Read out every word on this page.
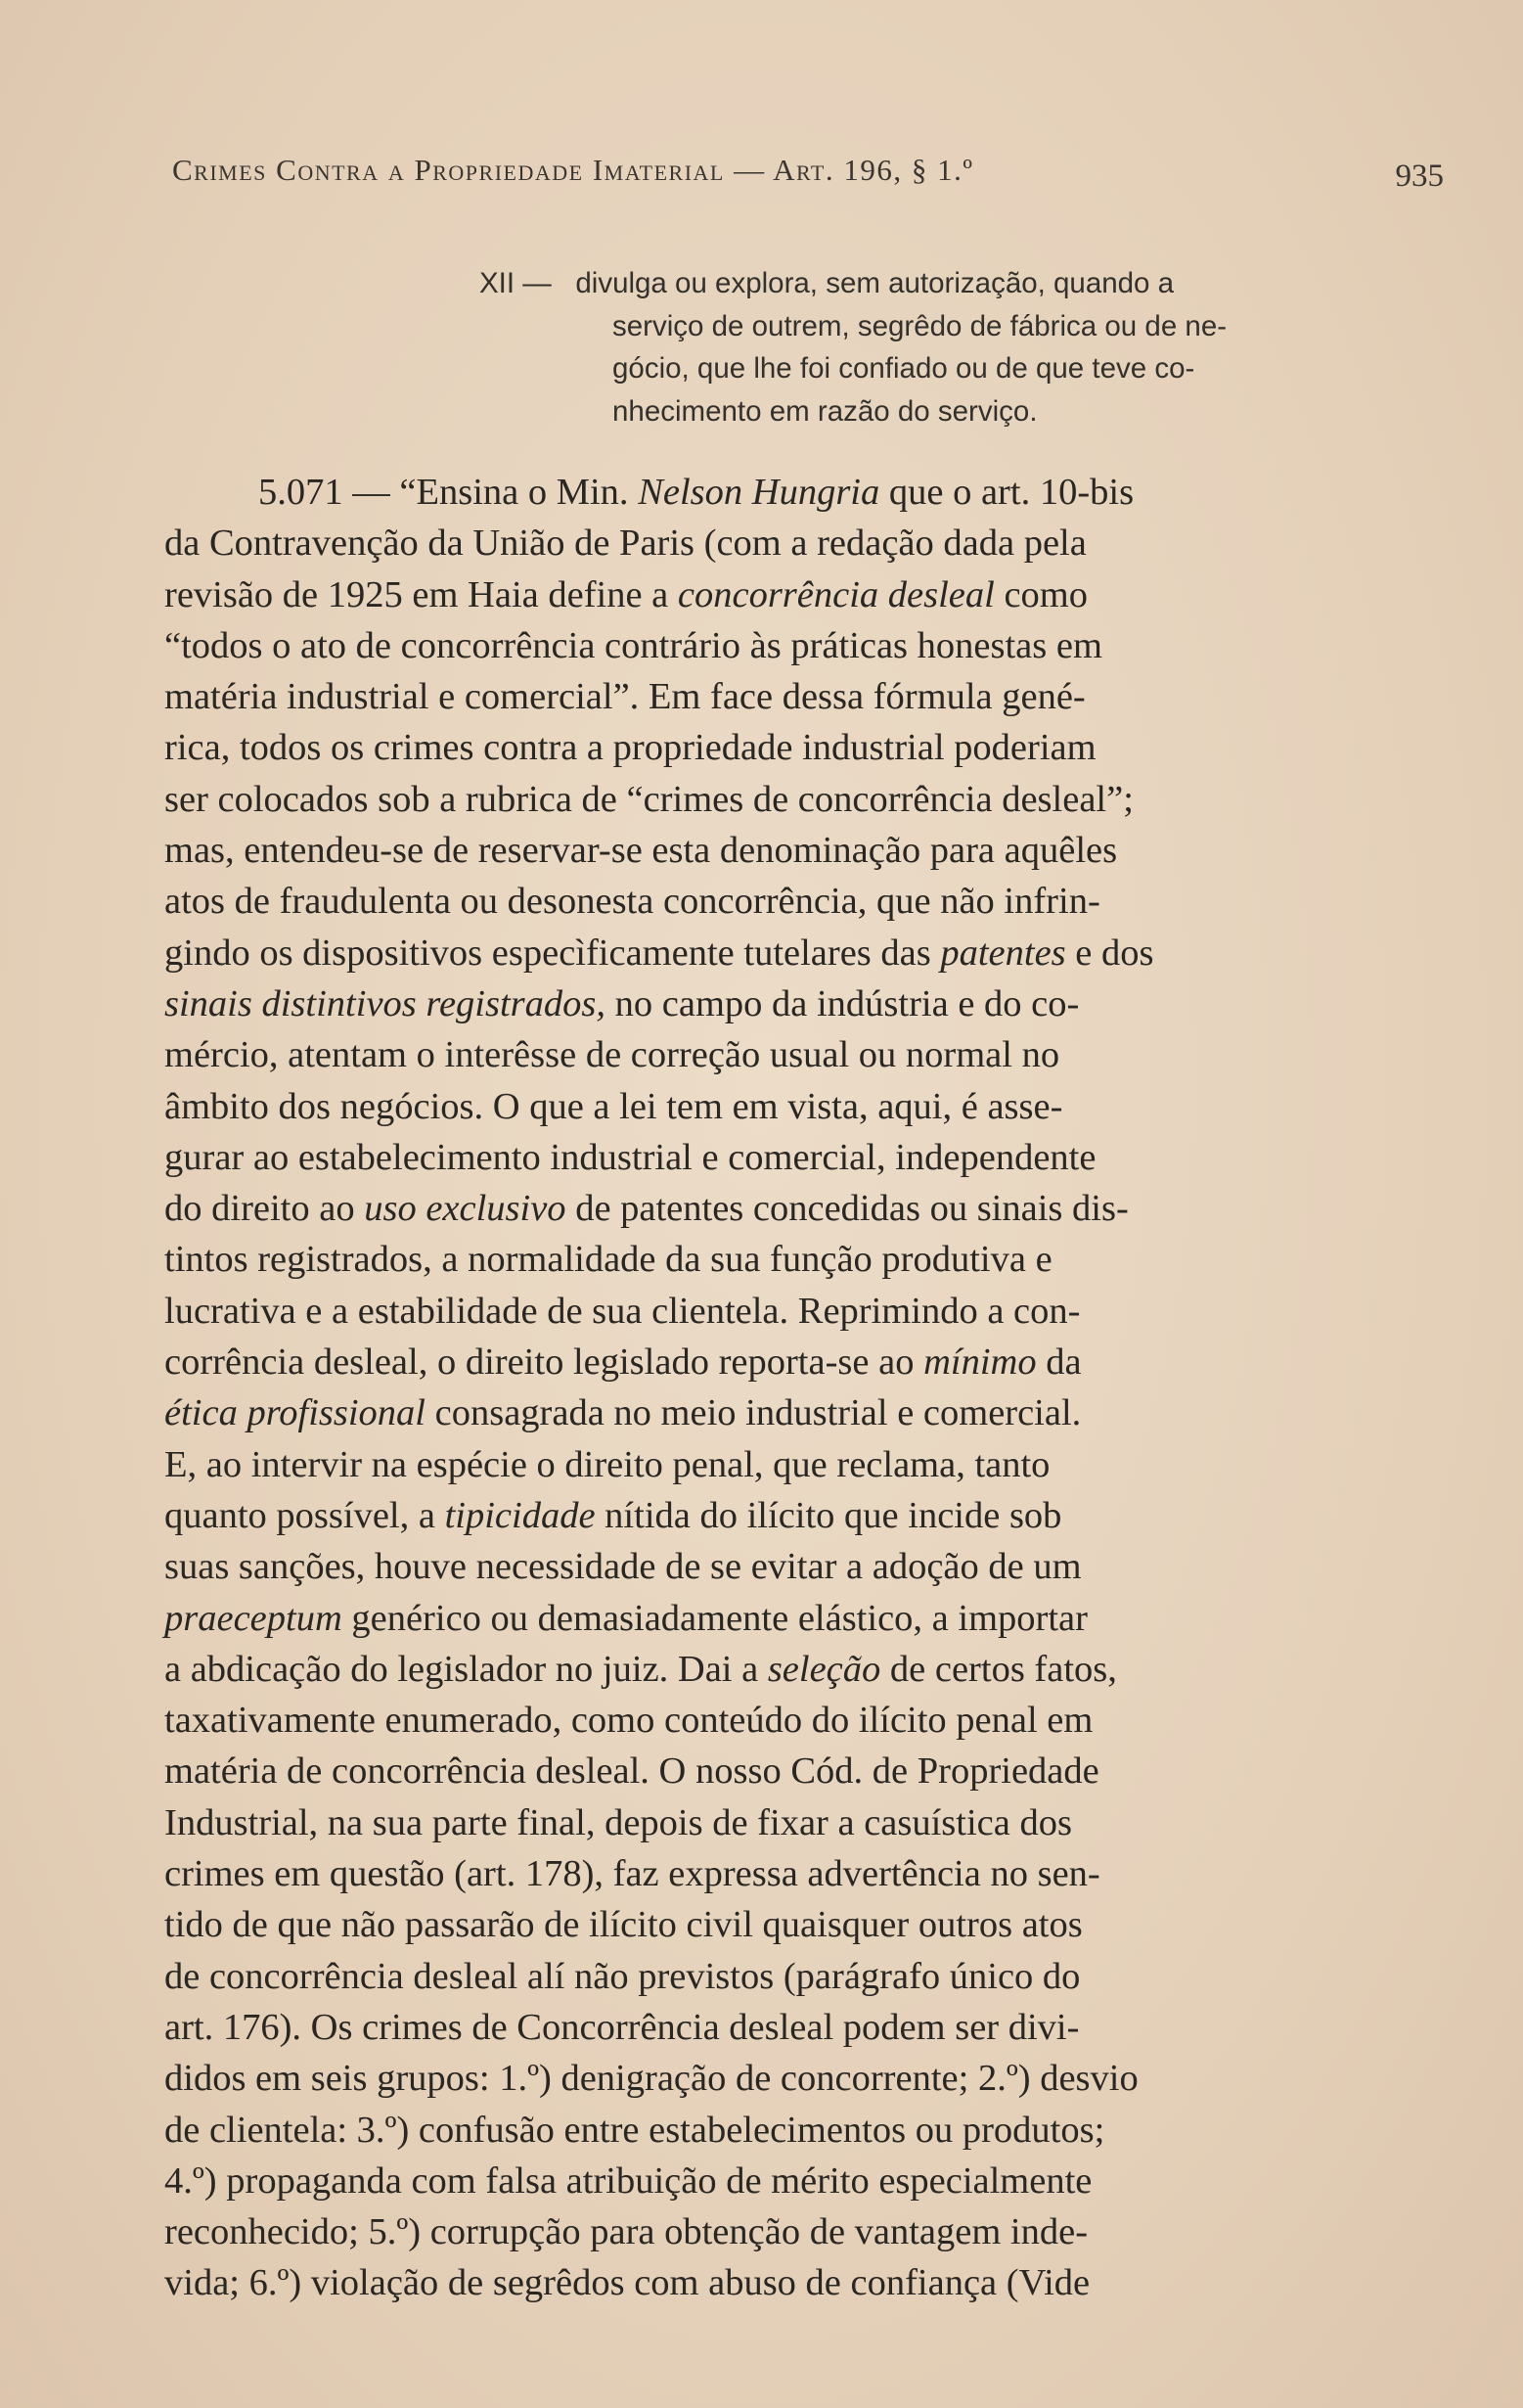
Crimes Contra a Propriedade Imaterial — Art. 196, § 1.º	935
XII — divulga ou explora, sem autorização, quando a
serviço de outrem, segrêdo de fábrica ou de ne-
gócio, que lhe foi confiado ou de que teve co-
nhecimento em razão do serviço.
5.071 — “Ensina o Min. Nelson Hungria que o art. 10-bis
da Contravenção da União de Paris (com a redação dada pela
revisão de 1925 em Haia define a concorrência desleal como
“todos o ato de concorrência contrário às práticas honestas em
matéria industrial e comercial”. Em face dessa fórmula gené-
rica, todos os crimes contra a propriedade industrial poderiam
ser colocados sob a rubrica de “crimes de concorrência desleal”;
mas, entendeu-se de reservar-se esta denominação para aquêles
atos de fraudulenta ou desonesta concorrência, que não infrin-
gindo os dispositivos especìficamente tutelares das patentes e dos
sinais distintivos registrados, no campo da indústria e do co-
mércio, atentam o interêsse de correção usual ou normal no
âmbito dos negócios. O que a lei tem em vista, aqui, é asse-
gurar ao estabelecimento industrial e comercial, independente
do direito ao uso exclusivo de patentes concedidas ou sinais dis-
tintos registrados, a normalidade da sua função produtiva e
lucrativa e a estabilidade de sua clientela. Reprimindo a con-
corrência desleal, o direito legislado reporta-se ao mínimo da
ética profissional consagrada no meio industrial e comercial.
E, ao intervir na espécie o direito penal, que reclama, tanto
quanto possível, a tipicidade nítida do ilícito que incide sob
suas sanções, houve necessidade de se evitar a adoção de um
praeceptum genérico ou demasiadamente elástico, a importar
a abdicação do legislador no juiz. Dai a seleção de certos fatos,
taxativamente enumerado, como conteúdo do ilícito penal em
matéria de concorrência desleal. O nosso Cód. de Propriedade
Industrial, na sua parte final, depois de fixar a casuística dos
crimes em questão (art. 178), faz expressa advertência no sen-
tido de que não passarão de ilícito civil quaisquer outros atos
de concorrência desleal alí não previstos (parágrafo único do
art. 176). Os crimes de Concorrência desleal podem ser divi-
didos em seis grupos: 1.º) denigração de concorrente; 2.º) desvio
de clientela: 3.º) confusão entre estabelecimentos ou produtos;
4.º) propaganda com falsa atribuição de mérito especialmente
reconhecido; 5.º) corrupção para obtenção de vantagem inde-
vida; 6.º) violação de segrêdos com abuso de confiança (Vide
